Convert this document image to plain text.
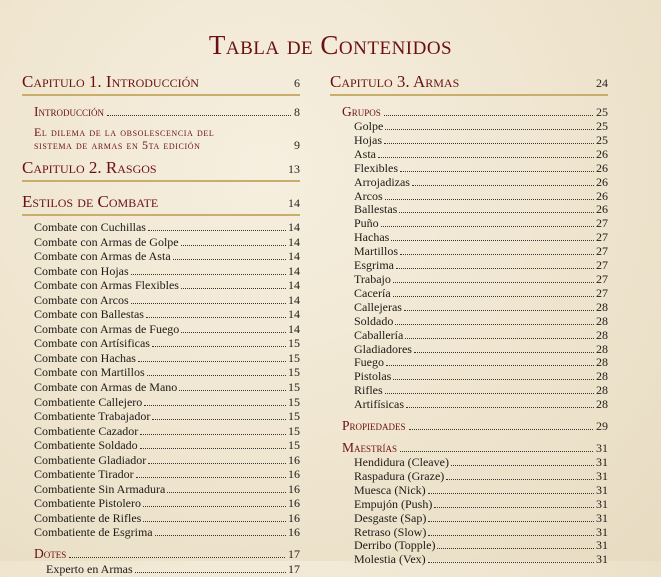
Tabla de Contenidos
Capitulo 1. Introducción	6
Introducción	8
El dilema de la obsolescencia del
sistema de armas en 5ta edición	9
Capitulo 2. Rasgos	13
Estilos de Combate	14
Combate con Cuchillas	14
Combate con Armas de Golpe	14
Combate con Armas de Asta	14
Combate con Hojas	14
Combate con Armas Flexibles	14
Combate con Arcos	14
Combate con Ballestas	14
Combate con Armas de Fuego	14
Combate con Artísificas	15
Combate con Hachas	15
Combate con Martillos	15
Combate con Armas de Mano	15
Combatiente Callejero	15
Combatiente Trabajador	15
Combatiente Cazador	15
Combatiente Soldado	15
Combatiente Gladiador	16
Combatiente Tirador	16
Combatiente Sin Armadura	16
Combatiente Pistolero	16
Combatiente de Rifles	16
Combatiente de Esgrima	16
Dotes	17
Experto en Armas	17
Capitulo 3. Armas	24
Grupos	25
Golpe	25
Hojas	25
Asta	26
Flexibles	26
Arrojadizas	26
Arcos	26
Ballestas	26
Puño	27
Hachas	27
Martillos	27
Esgrima	27
Trabajo	27
Cacería	27
Callejeras	28
Soldado	28
Caballería	28
Gladiadores	28
Fuego	28
Pistolas	28
Rifles	28
Artifísicas	28
Propiedades	29
Maestrías	31
Hendidura (Cleave)	31
Raspadura (Graze)	31
Muesca (Nick)	31
Empujón (Push)	31
Desgaste (Sap)	31
Retraso (Slow)	31
Derribo (Topple)	31
Molestia (Vex)	31
